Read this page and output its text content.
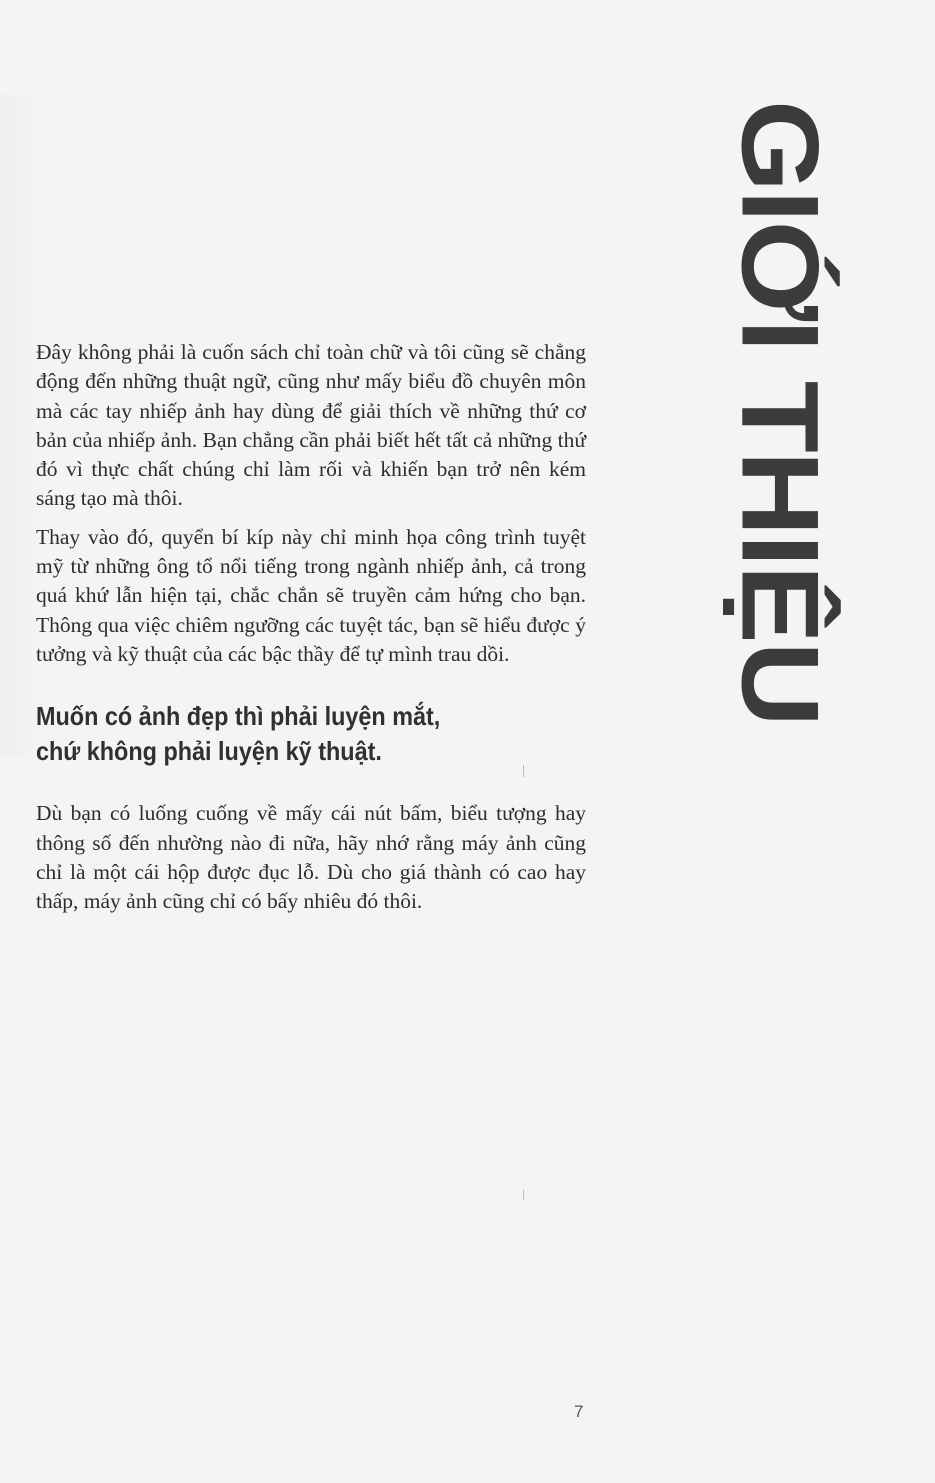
GIỚI THIỆU

Đây không phải là cuốn sách chỉ toàn chữ và tôi cũng sẽ chẳng động đến những thuật ngữ, cũng như mấy biểu đồ chuyên môn mà các tay nhiếp ảnh hay dùng để giải thích về những thứ cơ bản của nhiếp ảnh. Bạn chẳng cần phải biết hết tất cả những thứ đó vì thực chất chúng chỉ làm rối và khiến bạn trở nên kém sáng tạo mà thôi.

Thay vào đó, quyển bí kíp này chỉ minh họa công trình tuyệt mỹ từ những ông tổ nổi tiếng trong ngành nhiếp ảnh, cả trong quá khứ lẫn hiện tại, chắc chắn sẽ truyền cảm hứng cho bạn. Thông qua việc chiêm ngưỡng các tuyệt tác, bạn sẽ hiểu được ý tưởng và kỹ thuật của các bậc thầy để tự mình trau dồi.

Muốn có ảnh đẹp thì phải luyện mắt,
chứ không phải luyện kỹ thuật.

Dù bạn có luống cuống về mấy cái nút bấm, biểu tượng hay thông số đến nhường nào đi nữa, hãy nhớ rằng máy ảnh cũng chỉ là một cái hộp được đục lỗ. Dù cho giá thành có cao hay thấp, máy ảnh cũng chỉ có bấy nhiêu đó thôi.

7
